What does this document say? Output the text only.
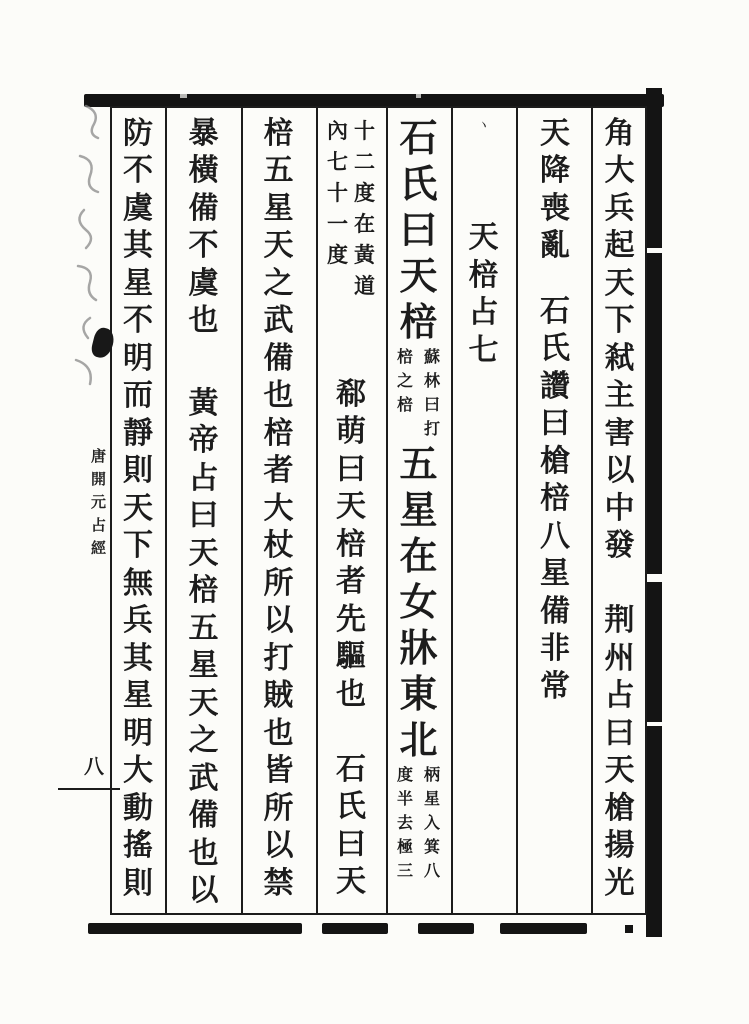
唐開元占經
八
角
大
兵
起
天
下
弒
主
害
以
中
發
荆
州
占
曰
天
槍
揚
光
天
降
喪
亂
石
氏
讚
曰
槍
棓
八
星
備
非
常
丶
天
棓
占
七
石
氏
曰
天
棓
蘇
林
曰
打
棓
之
棓
五
星
在
女
牀
東
北
柄
星
入
箕
八
度
半
去
極
三
十
二
度
在
黃
道
內
七
十
一
度
郗
萌
曰
天
棓
者
先
驅
也
石
氏
曰
天
棓
五
星
天
之
武
備
也
棓
者
大
杖
所
以
打
賊
也
皆
所
以
禁
暴
橫
備
不
虞
也
黃
帝
占
曰
天
棓
五
星
天
之
武
備
也
以
防
不
虞
其
星
不
明
而
靜
則
天
下
無
兵
其
星
明
大
動
搖
則
